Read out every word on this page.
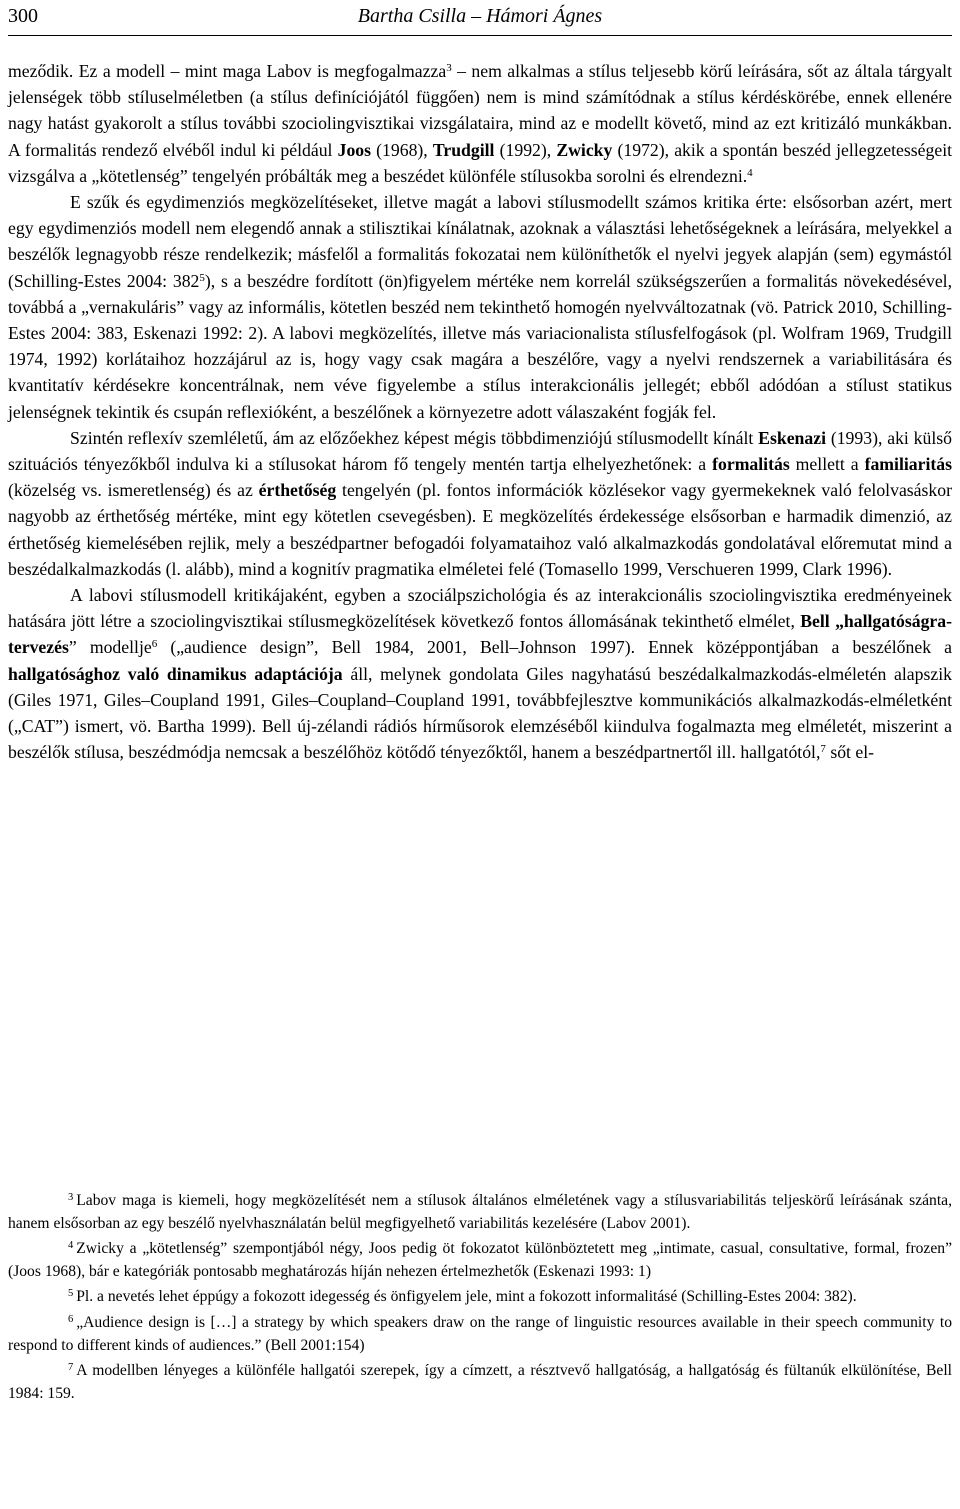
300	Bartha Csilla – Hámori Ágnes

meződik. Ez a modell – mint maga Labov is megfogalmazza$^3$ – nem alkalmas a stílus teljesebb körű leírására, sőt az általa tárgyalt jelenségek több stíluselméletben (a stílus definíciójától függően) nem is mind számítódnak a stílus kérdéskörébe, ennek ellenére nagy hatást gyakorolt a stílus további szociolingvisztikai vizsgálataira, mind az e modellt követő, mind az ezt kritizáló munkákban. A formalitás rendező elvéből indul ki például Joos (1968), Trudgill (1992), Zwicky (1972), akik a spontán beszéd jellegzetességeit vizsgálva a „kötetlenség” tengelyén próbálták meg a beszédet különféle stílusokba sorolni és elrendezni.$^4$

E szűk és egydimenziós megközelítéseket, illetve magát a labovi stílusmodellt számos kritika érte: elsősorban azért, mert egy egydimenziós modell nem elegendő annak a stilisztikai kínálatnak, azoknak a választási lehetőségeknek a leírására, melyekkel a beszélők legnagyobb része rendelkezik; másfelől a formalitás fokozatai nem különíthetők el nyelvi jegyek alapján (sem) egymástól (Schilling-Estes 2004: $382^5$), s a beszédre fordított (ön)figyelem mértéke nem korrelál szükségszerűen a formalitás növekedésével, továbbá a „vernakuláris” vagy az informális, kötetlen beszéd nem tekinthető homogén nyelvváltozatnak (vö. Patrick 2010, Schilling-Estes 2004: 383, Eskenazi 1992: 2). A labovi megközelítés, illetve más variacionalista stílusfelfogások (pl. Wolfram 1969, Trudgill 1974, 1992) korlátaihoz hozzájárul az is, hogy vagy csak magára a beszélőre, vagy a nyelvi rendszernek a variabilitására és kvantitatív kérdésekre koncentrálnak, nem véve figyelembe a stílus interakcionális jellegét; ebből adódóan a stílust statikus jelenségnek tekintik és csupán reflexióként, a beszélőnek a környezetre adott válaszaként fogják fel.

Szintén reflexív szemléletű, ám az előzőekhez képest mégis többdimenziójú stílusmodellt kínált Eskenazi (1993), aki külső szituációs tényezőkből indulva ki a stílusokat három fő tengely mentén tartja elhelyezhetőnek: a formalitás mellett a familiaritás (közelség vs. ismeretlenség) és az érthetőség tengelyén (pl. fontos információk közlésekor vagy gyermekeknek való felolvasáskor nagyobb az érthetőség mértéke, mint egy kötetlen csevegésben). E megközelítés érdekessége elsősorban e harmadik dimenzió, az érthetőség kiemelésében rejlik, mely a beszédpartner befogadói folyamataihoz való alkalmazkodás gondolatával előremutat mind a beszédalkalmazkodás (l. alább), mind a kognitív pragmatika elméletei felé (Tomasello 1999, Verschueren 1999, Clark 1996).

A labovi stílusmodell kritikájaként, egyben a szociálpszichológia és az interakcionális szociolingvisztika eredményeinek hatására jött létre a szociolingvisztikai stílusmegközelítések következő fontos állomásának tekinthető elmélet, Bell „hallgatóságra-tervezés” modellje$^6$ („audience design”, Bell 1984, 2001, Bell–Johnson 1997). Ennek középpontjában a beszélőnek a hallgatósághoz való dinamikus adaptációja áll, melynek gondolata Giles nagyhatású beszédalkalmazkodás-elméletén alapszik (Giles 1971, Giles–Coupland 1991, Giles–Coupland–Coupland 1991, továbbfejlesztve kommunikációs alkalmazkodás-elméletként („CAT”) ismert, vö. Bartha 1999). Bell új-zélandi rádiós hírműsorok elemzéséből kiindulva fogalmazta meg elméletét, miszerint a beszélők stílusa, beszédmódja nemcsak a beszélőhöz kötődő tényezőktől, hanem a beszédpartnertől ill. hallgatótól,$^7$ sőt el-

$^3$ Labov maga is kiemeli, hogy megközelítését nem a stílusok általános elméletének vagy a stílusvariabilitás teljeskörű leírásának szánta, hanem elsősorban az egy beszélő nyelvhasználatán belül megfigyelhető variabilitás kezelésére (Labov 2001).

$^4$ Zwicky a „kötetlenség” szempontjából négy, Joos pedig öt fokozatot különböztetett meg „intimate, casual, consultative, formal, frozen” (Joos 1968), bár e kategóriák pontosabb meghatározás híján nehezen értelmezhetők (Eskenazi 1993: 1)

$^5$ Pl. a nevetés lehet éppúgy a fokozott idegesség és önfigyelem jele, mint a fokozott informalitásé (Schilling-Estes 2004: 382).

$^6$ „Audience design is […] a strategy by which speakers draw on the range of linguistic resources available in their speech community to respond to different kinds of audiences.” (Bell 2001:154)

$^7$ A modellben lényeges a különféle hallgatói szerepek, így a címzett, a résztvevő hallgatóság, a hallgatóság és fültanúk elkülönítése, Bell 1984: 159.
